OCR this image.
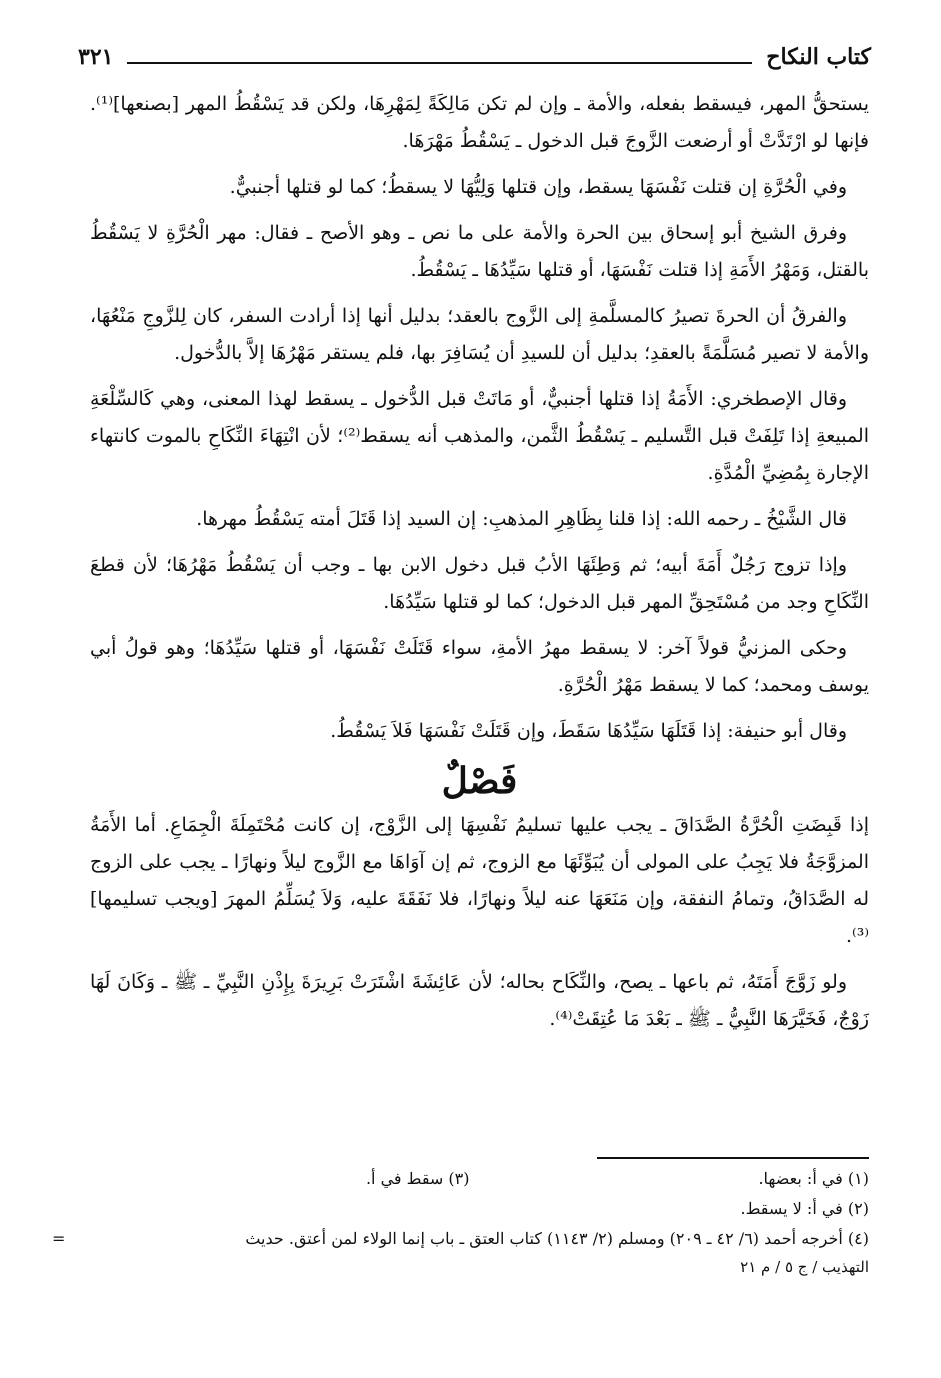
كتاب النكاح
٣٢١

يستحقُّ المهر، فيسقط بفعله، والأمة ـ وإن لم تكن مَالِكَةً لِمَهْرِهَا، ولكن قد يَسْقُطُ المهر [بصنعها]⁽¹⁾. فإنها لو ارْتَدَّتْ أو أرضعت الزَّوجَ قبل الدخول ـ يَسْقُطُ مَهْرَهَا.

وفي الْحُرَّةِ إن قتلت نَفْسَهَا يسقط، وإن قتلها وَلِيُّهَا لا يسقطُ؛ كما لو قتلها أجنبيٌّ.

وفرق الشيخ أبو إسحاق بين الحرة والأمة على ما نص ـ وهو الأصح ـ فقال: مهر الْحُرَّةِ لا يَسْقُطُ بالقتل، وَمَهْرُ الأَمَةِ إذا قتلت نَفْسَهَا، أو قتلها سَيِّدُهَا ـ يَسْقُطُ.

والفرقُ أن الحرةَ تصيرُ كالمسلَّمةِ إلى الزَّوج بالعقد؛ بدليل أنها إذا أرادت السفر، كان لِلزَّوجِ مَنْعُهَا، والأمة لا تصير مُسَلَّمَةً بالعقدِ؛ بدليل أن للسيدِ أن يُسَافِرَ بها، فلم يستقر مَهْرُهَا إلاَّ بالدُّخول.

وقال الإصطخري: الأَمَةُ إذا قتلها أجنبيٌّ، أو مَاتَتْ قبل الدُّخول ـ يسقط لهذا المعنى، وهي كَالسِّلْعَةِ المبيعةِ إذا تَلِفَتْ قبل التَّسليم ـ يَسْقُطُ الثَّمن، والمذهب أنه يسقط⁽²⁾؛ لأن انْتِهَاءَ النِّكَاحِ بالموت كانتهاء الإجارة بِمُضِيِّ الْمُدَّةِ.

قال الشَّيْخُ ـ رحمه الله: إذا قلنا بِظَاهِرِ المذهبِ: إن السيد إذا قَتَلَ أمته يَسْقُطُ مهرها.

وإذا تزوج رَجُلٌ أَمَةَ أبيه؛ ثم وَطِئَهَا الأبُ قبل دخول الابن بها ـ وجب أن يَسْقُطُ مَهْرُهَا؛ لأن قطعَ النِّكَاحِ وجد من مُسْتَحِقِّ المهر قبل الدخول؛ كما لو قتلها سَيِّدُهَا.

وحكى المزنيُّ قولاً آخر: لا يسقط مهرُ الأمةِ، سواء قَتَلَتْ نَفْسَهَا، أو قتلها سَيِّدُهَا؛ وهو قولُ أبي يوسف ومحمد؛ كما لا يسقط مَهْرُ الْحُرَّةِ.

وقال أبو حنيفة: إذا قَتَلَهَا سَيِّدُهَا سَقَطَ، وإن قَتَلَتْ نَفْسَهَا فَلاَ يَسْقُطُ.

فَصْلٌ

إذا قَبِضَتِ الْحُرَّةُ الصَّدَاقَ ـ يجب عليها تسليمُ نَفْسِهَا إلى الزَّوْج، إن كانت مُحْتَمِلَةَ الْجِمَاعِ. أما الأَمَةُ المزوَّجَةُ فلا يَجِبُ على المولى أن يُبَوِّئَهَا مع الزوج، ثم إن آوَاهَا مع الزَّوج ليلاً ونهارًا ـ يجب على الزوج له الصَّدَاقُ، وتمامُ النفقة، وإن مَنَعَهَا عنه ليلاً ونهارًا، فلا نَفَقَةَ عليه، وَلاَ يُسَلِّمُ المهرَ [ويجب تسليمها]⁽³⁾.

ولو زَوَّجَ أَمَتَهُ، ثم باعها ـ يصح، والنِّكَاح بحاله؛ لأن عَائِشَةَ اشْتَرَتْ بَرِيرَةَ بِإِذْنِ النَّبِيِّ ـ ﷺ ـ وَكَانَ لَهَا زَوْجٌ، فَخَيَّرَهَا النَّبِيُّ ـ ﷺ ـ بَعْدَ مَا عُتِقَتْ⁽⁴⁾.

(١) في أ: بعضها.
(٣) سقط في أ.
(٢) في أ: لا يسقط.
(٤) أخرجه أحمد (٦/ ٤٢ ـ ٢٠٩) ومسلم (٢/ ١١٤٣) كتاب العتق ـ باب إنما الولاء لمن أعتق. حديث
=
التهذيب / ج ٥ / م ٢١
